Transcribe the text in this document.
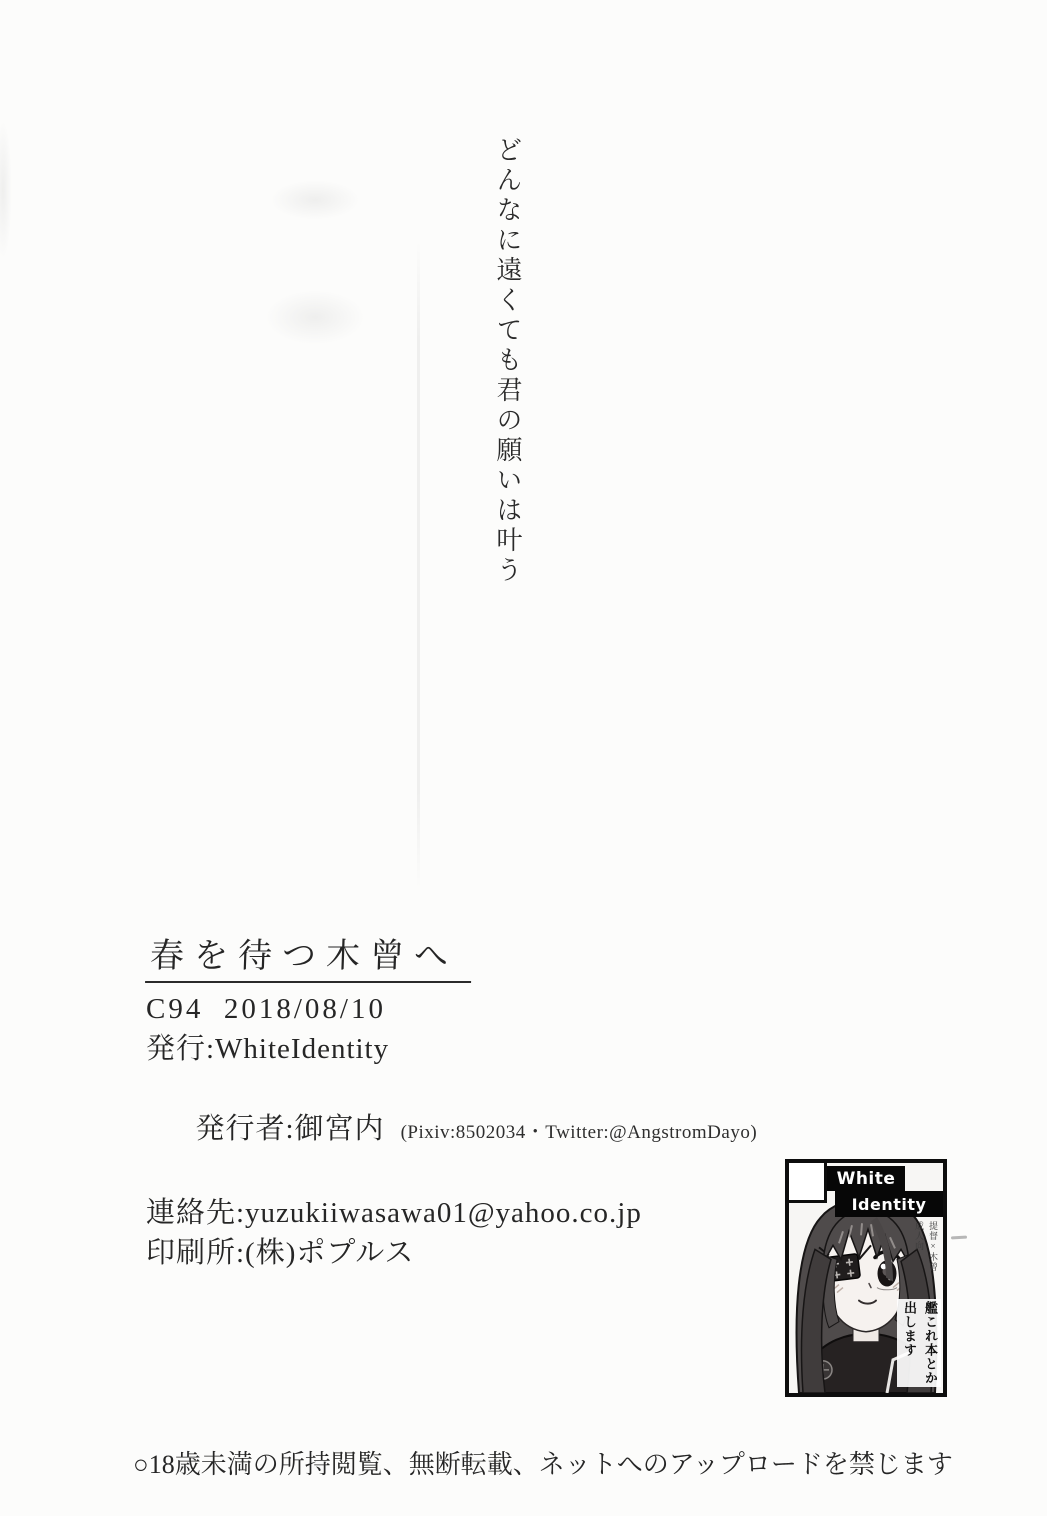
どんなに遠くても君の願いは叶う
春を待つ木曾へ
C94  2018/08/10
発行:WhiteIdentity

発行者:御宮内 (Pixiv:8502034・Twitter:@AngstromDayo)

連絡先:yuzukiiwasawa01@yahoo.co.jp
印刷所:(株)ポプルス
White
Identity
提督×木曾
成人向
艦これ本とか
出します
○18歳未満の所持閲覧、無断転載、ネットへのアップロードを禁じます
